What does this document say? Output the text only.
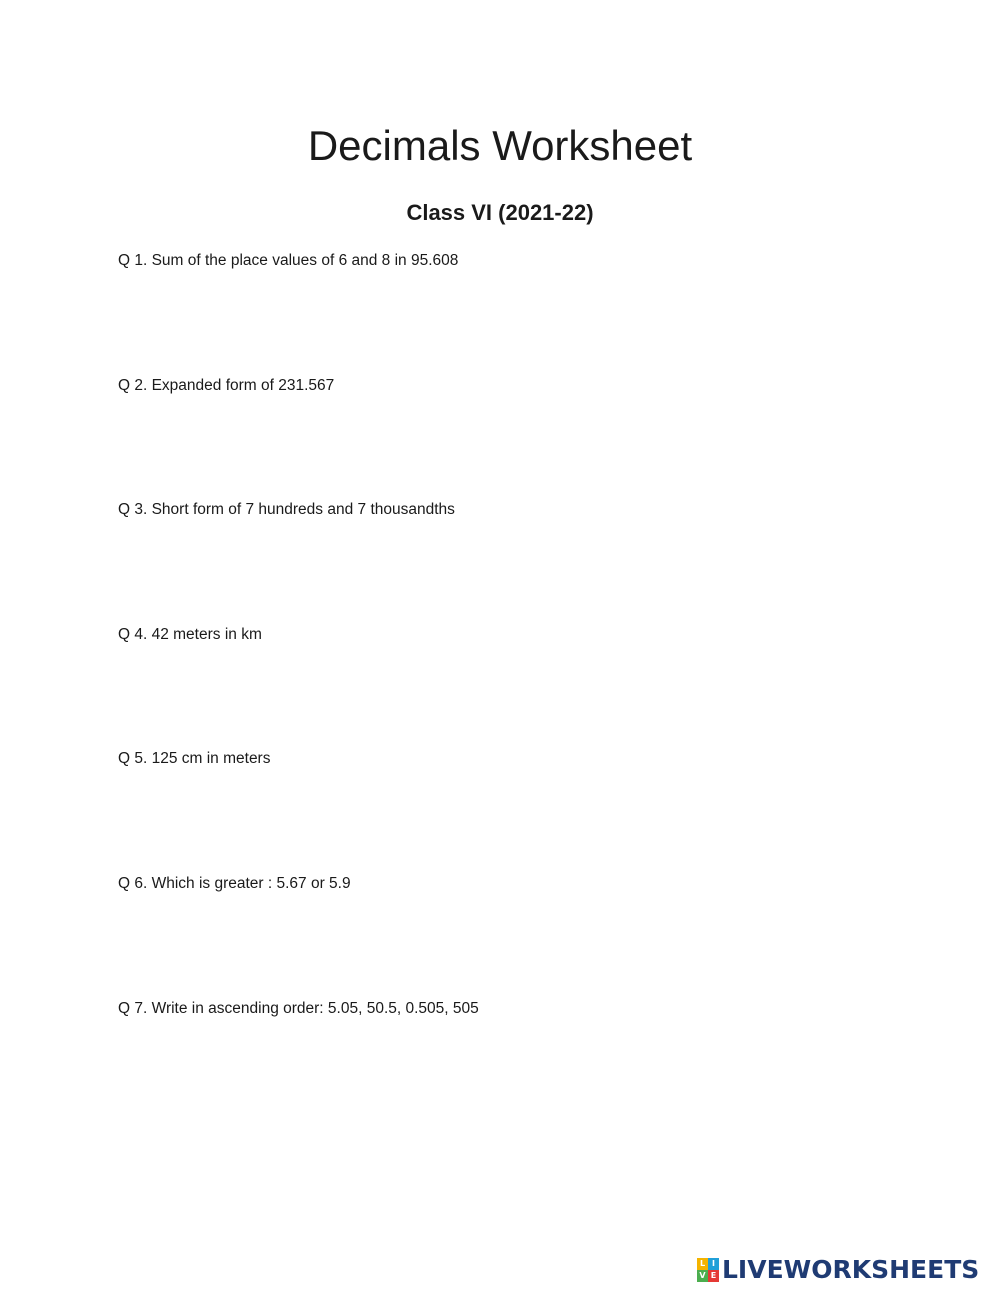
Decimals Worksheet
Class VI (2021-22)

Q 1. Sum of the place values of 6 and 8 in 95.608

Q 2. Expanded form of 231.567

Q 3. Short form of 7 hundreds and 7 thousandths

Q 4. 42 meters in km

Q 5. 125 cm in meters

Q 6. Which is greater : 5.67 or 5.9

Q 7. Write in ascending order: 5.05, 50.5, 0.505, 505

L I
V E LIVEWORKSHEETS
